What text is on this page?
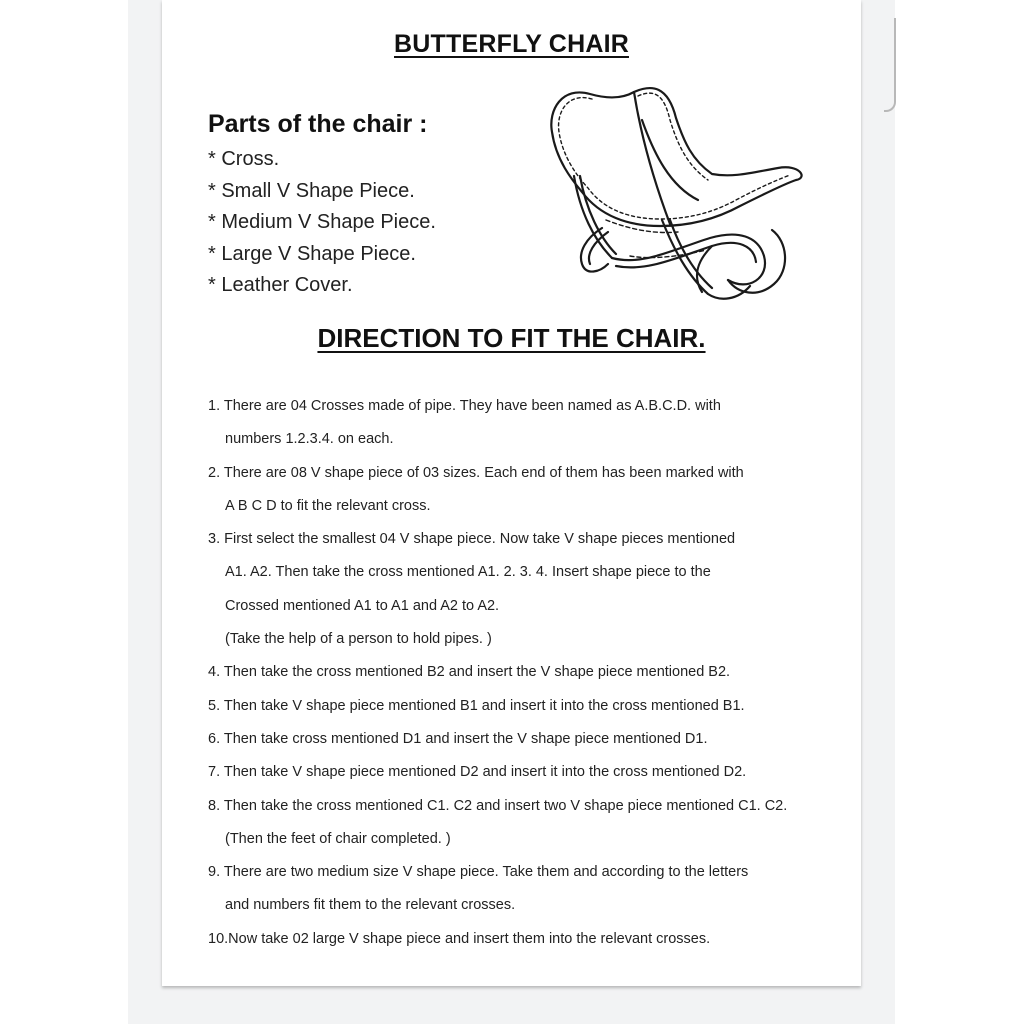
BUTTERFLY CHAIR
Parts of the chair :
* Cross.
* Small V Shape Piece.
* Medium V Shape Piece.
* Large V Shape Piece.
* Leather Cover.
DIRECTION TO FIT THE CHAIR.
1. There are 04 Crosses made of pipe. They have been named as A.B.C.D. with
numbers 1.2.3.4. on each.
2. There are 08 V shape piece of 03 sizes. Each end of them has been marked with
A B C D to fit the relevant cross.
3. First select the smallest 04 V shape piece. Now take V shape pieces mentioned
A1. A2. Then take the cross mentioned A1. 2. 3. 4. Insert shape piece to the
Crossed mentioned A1 to A1 and A2 to A2.
(Take the help of a person to hold pipes. )
4. Then take the cross mentioned B2 and insert the V shape piece mentioned B2.
5. Then take V shape piece mentioned B1 and insert it into the cross mentioned B1.
6. Then take cross mentioned D1 and insert the V shape piece mentioned D1.
7. Then take V shape piece mentioned D2 and insert it into the cross mentioned D2.
8. Then take the cross mentioned C1. C2 and insert two V shape piece mentioned C1. C2.
(Then the feet of chair completed. )
9. There are two medium size V shape piece. Take them and according to the letters
and numbers fit them to the relevant crosses.
10.Now take 02 large V shape piece and insert them into the relevant crosses.
